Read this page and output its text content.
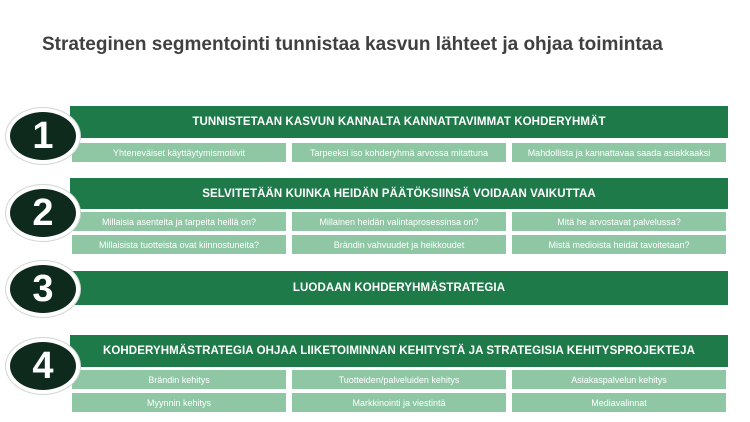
Strateginen segmentointi tunnistaa kasvun lähteet ja ohjaa toimintaa
TUNNISTETAAN KASVUN KANNALTA KANNATTAVIMMAT KOHDERYHMÄT
1	Yhteneväiset käyttäytymismotiivit	Tarpeeksi iso kohderyhmä arvossa mitattuna	Mahdollista ja kannattavaa saada asiakkaaksi
SELVITETÄÄN KUINKA HEIDÄN PÄÄTÖKSIINSÄ VOIDAAN VAIKUTTAA
2	Millaisia asenteita ja tarpeita heillä on?	Millainen heidän valintaprosessinsa on?	Mitä he arvostavat palvelussa?
Millaisista tuotteista ovat kiinnostuneita?	Brändin vahvuudet ja heikkoudet	Mistä medioista heidät tavoitetaan?
LUODAAN KOHDERYHMÄSTRATEGIA
3
KOHDERYHMÄSTRATEGIA OHJAA LIIKETOIMINNAN KEHITYSTÄ JA STRATEGISIA KEHITYSPROJEKTEJA
4	Brändin kehitys	Tuotteiden/palveluiden kehitys	Asiakaspalvelun kehitys
Myynnin kehitys	Markkinointi ja viestintä	Mediavalinnat
